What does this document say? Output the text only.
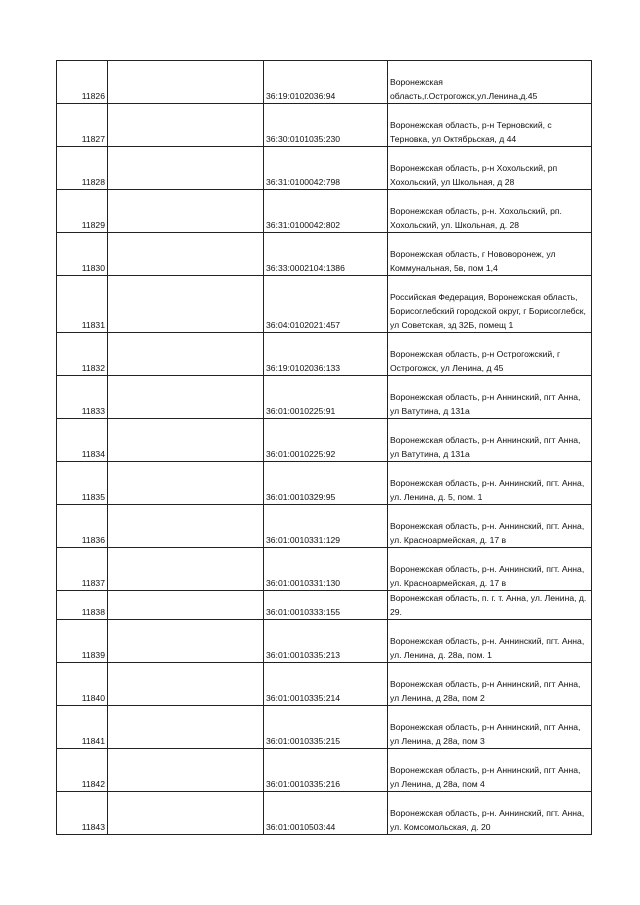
11826		36:19:0102036:94	Воронежская область,г.Острогожск,ул.Ленина,д.45

11827		36:30:0101035:230	Воронежская область, р-н Терновский, с Терновка, ул Октябрьская, д 44

11828		36:31:0100042:798	Воронежская область, р-н Хохольский, рп Хохольский, ул Школьная, д 28

11829		36:31:0100042:802	Воронежская область, р-н. Хохольский, рп. Хохольский, ул. Школьная, д. 28

11830		36:33:0002104:1386	Воронежская область, г Нововоронеж, ул Коммунальная, 5в, пом 1,4

11831		36:04:0102021:457	Российская Федерация, Воронежская область, Борисоглебский городской округ, г Борисоглебск, ул Советская, зд 32Б, помещ 1

11832		36:19:0102036:133	Воронежская область, р-н Острогожский, г Острогожск, ул Ленина, д 45

11833		36:01:0010225:91	Воронежская область, р-н Аннинский, пгт Анна, ул Ватутина, д 131а

11834		36:01:0010225:92	Воронежская область, р-н Аннинский, пгт Анна, ул Ватутина, д 131а

11835		36:01:0010329:95	Воронежская область, р-н. Аннинский, пгт. Анна, ул. Ленина, д. 5, пом. 1

11836		36:01:0010331:129	Воронежская область, р-н. Аннинский, пгт. Анна, ул. Красноармейская, д. 17 в

11837		36:01:0010331:130	Воронежская область, р-н. Аннинский, пгт. Анна, ул. Красноармейская, д. 17 в

11838		36:01:0010333:155	Воронежская область, п. г. т. Анна, ул. Ленина, д. 29.

11839		36:01:0010335:213	Воронежская область, р-н. Аннинский, пгт. Анна, ул. Ленина, д. 28а, пом. 1

11840		36:01:0010335:214	Воронежская область, р-н Аннинский, пгт Анна, ул Ленина, д 28а, пом 2

11841		36:01:0010335:215	Воронежская область, р-н Аннинский, пгт Анна, ул Ленина, д 28а, пом 3

11842		36:01:0010335:216	Воронежская область, р-н Аннинский, пгт Анна, ул Ленина, д 28а, пом 4

11843		36:01:0010503:44	Воронежская область, р-н. Аннинский, пгт. Анна, ул. Комсомольская, д. 20
